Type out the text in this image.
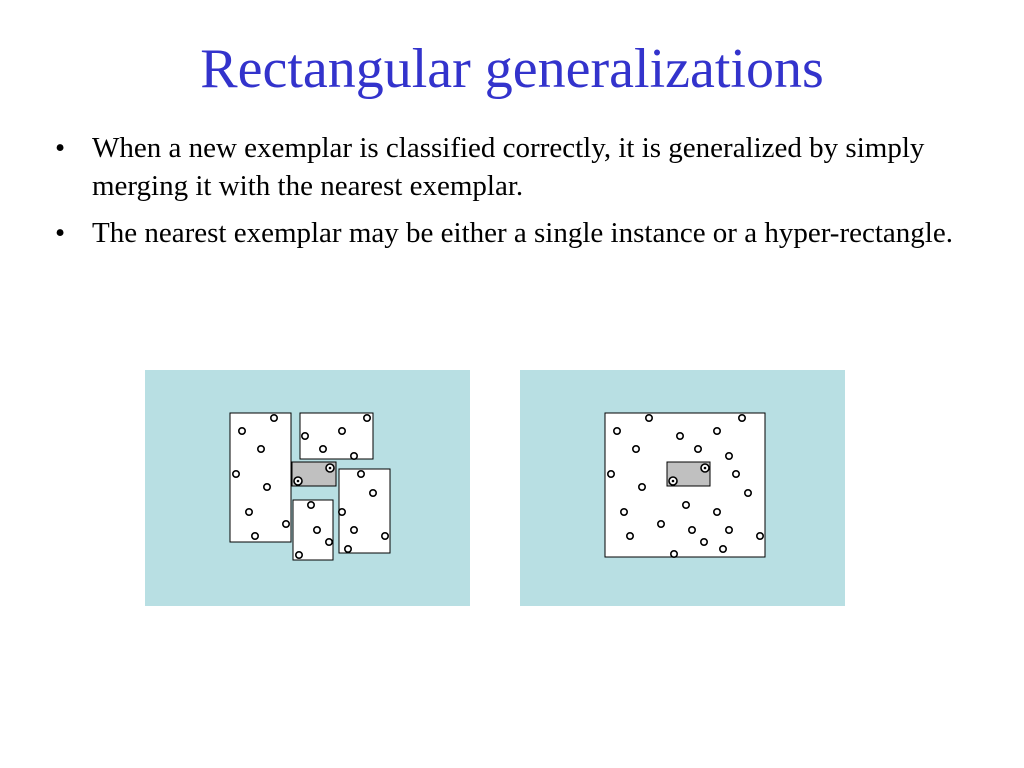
Rectangular generalizations
• When a new exemplar is classified correctly, it is generalized by simply merging it with the nearest exemplar.
• The nearest exemplar may be either a single instance or a hyper-rectangle.
